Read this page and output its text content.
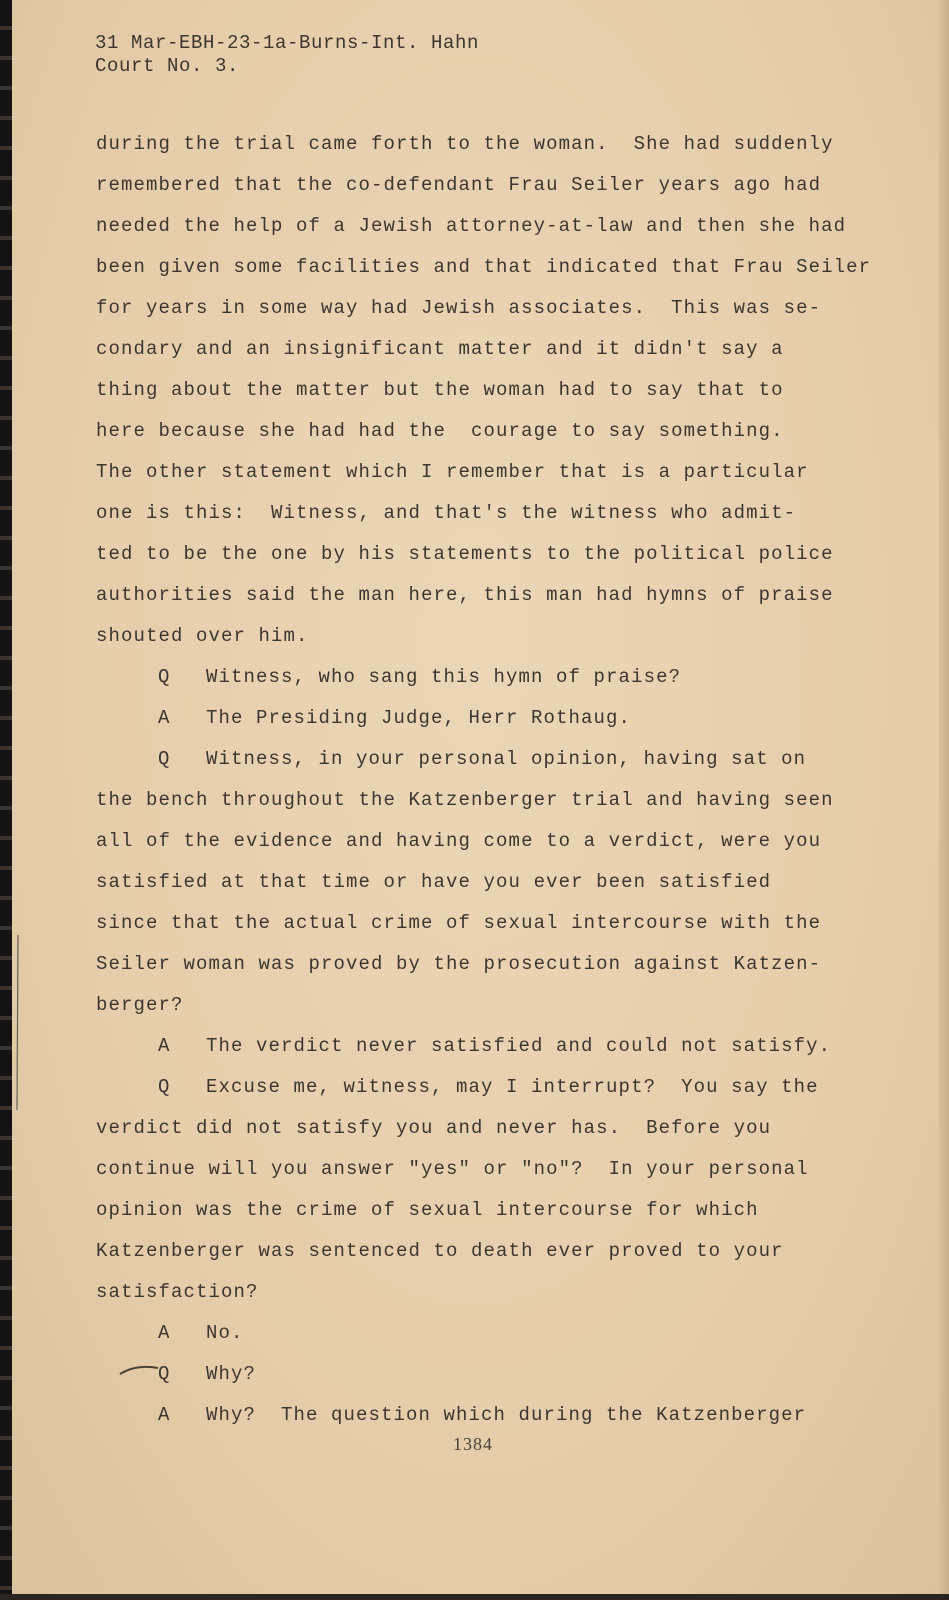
31 Mar-EBH-23-1a-Burns-Int. Hahn
Court No. 3.
during the trial came forth to the woman.  She had suddenly
remembered that the co-defendant Frau Seiler years ago had
needed the help of a Jewish attorney-at-law and then she had
been given some facilities and that indicated that Frau Seiler
for years in some way had Jewish associates.  This was se-
condary and an insignificant matter and it didn't say a
thing about the matter but the woman had to say that to
here because she had had the  courage to say something.
The other statement which I remember that is a particular
one is this:  Witness, and that's the witness who admit-
ted to be the one by his statements to the political police
authorities said the man here, this man had hymns of praise
shouted over him.
Q Witness, who sang this hymn of praise?
A The Presiding Judge, Herr Rothaug.
Q Witness, in your personal opinion, having sat on
the bench throughout the Katzenberger trial and having seen
all of the evidence and having come to a verdict, were you
satisfied at that time or have you ever been satisfied
since that the actual crime of sexual intercourse with the
Seiler woman was proved by the prosecution against Katzen-
berger?
A The verdict never satisfied and could not satisfy.
Q Excuse me, witness, may I interrupt?  You say the
verdict did not satisfy you and never has.  Before you
continue will you answer "yes" or "no"?  In your personal
opinion was the crime of sexual intercourse for which
Katzenberger was sentenced to death ever proved to your
satisfaction?
A No.
Q Why?
A Why?  The question which during the Katzenberger
1384
